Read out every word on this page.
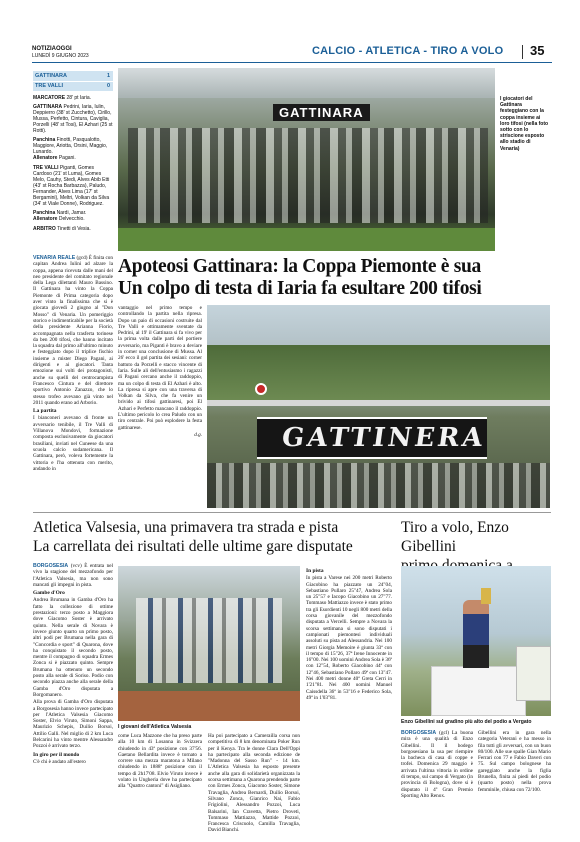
NOTIZIAOGGI
LUNEDÌ 9 GIUGNO 2023	CALCIO - ATLETICA - TIRO A VOLO 35
GATTINARA	1
TRE VALLI	0

MARCATORE 28' pt Iaria.

GATTINARA Pedrini, Iaria, Iulin, Deppierro (38' st Zucchetto), Cirillo, Mussa, Perfetto, Cintura, Caviglia, Porzelli (48' st Tosi), El Azhari (25 st Rotti).

Panchina Finotti, Pasqualotto, Maggiore, Ariotta, Orsini, Maggio, Lunardo.

Allenatore Pagani.

TRE VALLI Piganti, Gomes Cardoso (21' st Luma), Gomes Melo, Cauhy, Stedi, Alves Abib Etti (43' st Rocha Barbazza), Paludo, Fernander, Alves Lima (17' st Bergamini), Meltri, Volkan da Silva (34' st Viale Donne), Rodriguez.

Panchina Nardi, Jamar.

Allenatore Delvecchio.

ARBITRO Tinetti di Vesia.

GATTINARA
I giocatori del Gattinara festeggiano con la coppa insieme ai loro tifosi (nella foto sotto con lo striscione esposto allo stadio di Venaria)
Apoteosi Gattinara: la Coppa Piemonte è sua
Un colpo di testa di Iaria fa esultare 200 tifosi

VENARIA REALE (gcd) È finita con capitan Andrea Iulini ad alzare la coppa, appena ricevuta dalle mani del neo presidente del comitato regionale della Lega dilettanti Mauro Bassino. Il Gattinara ha vinto la Coppa Piemonte di Prima categoria dopo aver vinto la finalissima che si è giocata giovedì 2 giugno al "Don Mosso" di Venaria. Un pomeriggio storico e indimenticabile per la società della presidente Arianna Fiorio, accompagnata nella trasferta torinese da ben 200 tifosi, che hanno incitato la squadra dal primo all'ultimo minuto e festeggiato dopo il triplice fischio insieme a mister Diego Pagani, ai dirigenti e ai giocatori. Tanta emozione sui volti dei protagonisti, anche su quelli del centrocampista Francesco Cintura e del direttore sportivo Antonio Zanazzo, che lo stesso trofeo avevano già vinto nel 2011 quando erano ad Arborio.

La partita

I bianconeri avevano di fronte un avversario tenibile, il Tre Valli di Villanova Mondovì, formazione composta esclusivamente da giocatori brasiliani, inviati nel Cuneese da una scuola calcio sudamericana. Il Gattinara, però, voleva fortemente la vittoria e l'ha ottenuta con merito, andando in

vantaggio nel primo tempo e controllando la partita nella ripresa. Dopo un paio di occasioni costruite dal Tre Valli e ottimamente sventate da Pedrini, al 19' il Gattinara si fa vivo per la prima volta dalle parti del portiere avversario, ma Piganti è bravo a deviare in corner una conclusione di Mussa. Al 26' ecco il gol partita dei sesiani: corner battuto da Porzelli e stacco vincente di Iaria. Sulle ali dell'entusiasmo i ragazzi di Pagani cercano anche il raddoppio, ma un colpo di testa di El Azhari è alto. La ripresa si apre con una traversa di Volkan da Silva, che fa venire un brivido ai tifosi gattinaresi, poi El Azhari e Perfetto mancano il raddoppio. L'ultimo pericolo lo crea Paludo con un tiro centrale. Poi può esplodere la festa gattinarese.

d.g.	GATTINERA
Atletica Valsesia, una primavera tra strada e pista
La carrellata dei risultati delle ultime gare disputate
Tiro a volo, Enzo Gibellini

BORGOSESIA (vcv) È entrata nel vivo la stagione del mezzofondo per l'Atletica Valsesia, ma non sono mancati gli impegni in pista.

Gambe d'Oro

Andrea Brumana in Gamba d'Oro ha fatto la collezione di ottime prestazioni: terzo posto a Maggiora dove Giacomo Soster è arrivato quinto. Nella serale di Novara è invece giunto quarto un primo posto, altri podi per Brumana nella gara di "Concordia e sport" di Quarona, dove ha conquistato il secondo posto, mentre il compagno di squadra Ermes Zonca si è piazzato quinto. Sempre Brumana ha ottenuto un secondo posto alla serale di Soriso. Podio con secondo piazza anche alla serale della Gamba d'Oro disputata a Borgomanero.

Alla prova di Gamba d'Oro disputata a Borgosesia hanno invece partecipato per l'Atletica Valsesia Giacomo Soster, Elvio Viruto, Simoni Sappa, Maurizio Schepis, Duilio Borsoi, Attilio Galli. Nel miglio di 2 km Luca Belcarini ha vinto mentre Alessandro Pozzoi è arrivato terzo.

In giro per il mondo

C'è chi è andato all'estero

I giovani dell'Atletica Valsesia

come Luca Mazzone che ha preso parte alla 10 km di Losanna in Svizzera chiudendo in 43ª posizione con 37'56. Gaetano Bellardita invece è tornato a correre una mezza maratona a Milano chiudendo in 1888ª posizione con il tempo di 2h17'08. Elvio Viruto invece è volato in Ungheria dove ha partecipato alla "Quattro cantoni" di Asigliano.

Ha poi partecipato a Camerailla corsa non competitiva di 8 km denominata Poker Run per il Kenya. Tra le donne Clara Dell'Oppi ha partecipato alla seconda edizione de "Madonna del Sasso Run" - 14 km. L'Atletica Valsesia ha esposto presente anche alla gara di solidarietà organizzata la scorsa settimana a Quarona prendendo parte con Ermes Zonca, Giacomo Soster, Simone Travaglia, Andrea Bernardi, Duilio Borsoi, Silvano Zonca, Gianrico Nai, Fabio Frigiolini, Alessandro Pozzoi, Luca Balsarini, Ian Cravetta, Pietro Droveti, Tommaso Mattiazzo, Mattide Pozzoi, Francesca Criscuolo, Camilla Travaglia, David Bianchi.

In pista

In pista a Varese nei 200 metri Roberto Giacobino ha piazzato un 24"04, Sebastiano Pullaro 25"47, Andrea Sola un 25"57 e Iacopo Giacobino un 27"77. Tommaso Mattiazzo invece è stato primo tra gli Esordienti 10 negli 800 metri della corsa giovanile del mezzofondo disputata a Vercelli. Sempre a Novara la scorsa settimana si sono disputati i campionati piemontesi individuali assoluti su pista ad Alessandria. Nei 100 metri Giorgia Memoire è giunta 33ª con il tempo di 15"26, 37ª Irene Innocente in 16"00. Nei 100 uomini Andrea Sola è 36ª con 12"54, Roberto Giacobino 44ª con 12"46, Sebastiano Pollaro 49ª con 13"47. Nei 400 metri donne 40ª Greta Cerri in 1'21"81. Nei 400 uomini Manuel Caissdella 36ª in 53"16 e Federico Sola, 49ª in 1'03"81.

Enzo Gibellini sul gradino più alto del podio a Vergato

BORGOSESIA (gcl) La buona mira è una qualità di Enzo Gibellini. Il il bodego borgosesiano la usa per riempire la bacheca di casa di coppe e trofei. Domenica 29 maggio è arrivata l'ultima vittoria in ordine di tempo, sul campo di Vergato (in provincia di Bologna), dove si è disputato il 4º Gran Premio Sporting Alto Renox.

Gibellini era in gara nella categoria Veterani e ha messo in fila tutti gli avversari, con un buon 80/100. Alle sue spalle Gian Mario Ferrari con 77 e Fabio Daveri con 75. Sul campo bolognese ha gareggiato anche la figlia Brunella, finita ai piedi del podio (quarto posto) nella prova femminile, chiusa con 72/100.
